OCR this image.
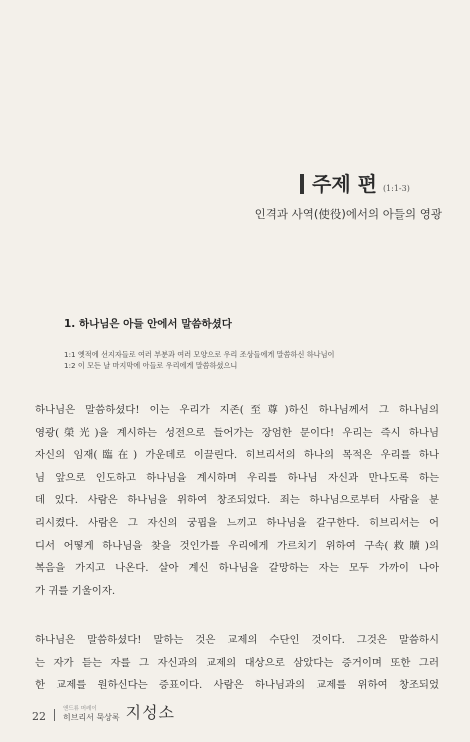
주제 편 (1:1-3)
인격과 사역(使役)에서의 아들의 영광
1. 하나님은 아들 안에서 말씀하셨다
1:1 옛적에 선지자들로 여러 부분과 여러 모양으로 우리 조상들에게 말씀하신 하나님이
1:2 이 모든 날 마지막에 아들로 우리에게 말씀하셨으니
하나님은 말씀하셨다! 이는 우리가 지존(至尊)하신 하나님께서 그 하나님의
영광(榮光)을 계시하는 성전으로 들어가는 장엄한 문이다! 우리는 즉시 하나님
자신의 임재(臨在) 가운데로 이끌린다. 히브리서의 하나의 목적은 우리를 하나
님 앞으로 인도하고 하나님을 계시하며 우리를 하나님 자신과 만나도록 하는
데 있다. 사람은 하나님을 위하여 창조되었다. 죄는 하나님으로부터 사람을 분
리시켰다. 사람은 그 자신의 궁핍을 느끼고 하나님을 갈구한다. 히브리서는 어
디서 어떻게 하나님을 찾을 것인가를 우리에게 가르치기 위하여 구속(救贖)의
복음을 가지고 나온다. 살아 계신 하나님을 갈망하는 자는 모두 가까이 나아
가 귀를 기울이자.
하나님은 말씀하셨다! 말하는 것은 교제의 수단인 것이다. 그것은 말씀하시
는 자가 듣는 자를 그 자신과의 교제의 대상으로 삼았다는 증거이며 또한 그러
한 교제를 원하신다는 증표이다. 사람은 하나님과의 교제를 위하여 창조되었
22
앤드류 머레이
히브리서 묵상록 지성소
